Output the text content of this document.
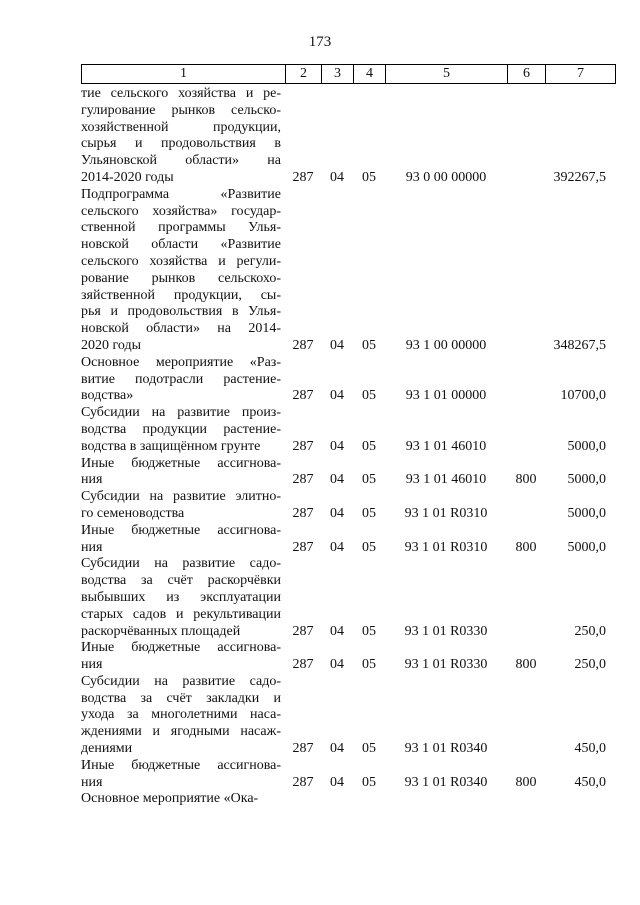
173
1	2	3	4	5	6	7
тие сельского хозяйства и ре-
гулирование рынков сельско-
хозяйственной продукции,
сырья и продовольствия в
Ульяновской области» на
2014-2020 годы	287	04	05	93 0 00 00000	392267,5
Подпрограмма «Развитие
сельского хозяйства» государ-
ственной программы Улья-
новской области «Развитие
сельского хозяйства и регули-
рование рынков сельскохо-
зяйственной продукции, сы-
рья и продовольствия в Улья-
новской области» на 2014-
2020 годы	287	04	05	93 1 00 00000	348267,5
Основное мероприятие «Раз-
витие подотрасли растение-
водства»	287	04	05	93 1 01 00000	10700,0
Субсидии на развитие произ-
водства продукции растение-
водства в защищённом грунте	287	04	05	93 1 01 46010	5000,0
Иные бюджетные ассигнова-
ния	287	04	05	93 1 01 46010	800	5000,0
Субсидии на развитие элитно-
го семеноводства	287	04	05	93 1 01 R0310	5000,0
Иные бюджетные ассигнова-
ния	287	04	05	93 1 01 R0310	800	5000,0
Субсидии на развитие садо-
водства за счёт раскорчёвки
выбывших из эксплуатации
старых садов и рекультивации
раскорчёванных площадей	287	04	05	93 1 01 R0330	250,0
Иные бюджетные ассигнова-
ния	287	04	05	93 1 01 R0330	800	250,0
Субсидии на развитие садо-
водства за счёт закладки и
ухода за многолетними наса-
ждениями и ягодными насаж-
дениями	287	04	05	93 1 01 R0340	450,0
Иные бюджетные ассигнова-
ния	287	04	05	93 1 01 R0340	800	450,0
Основное мероприятие «Ока-
